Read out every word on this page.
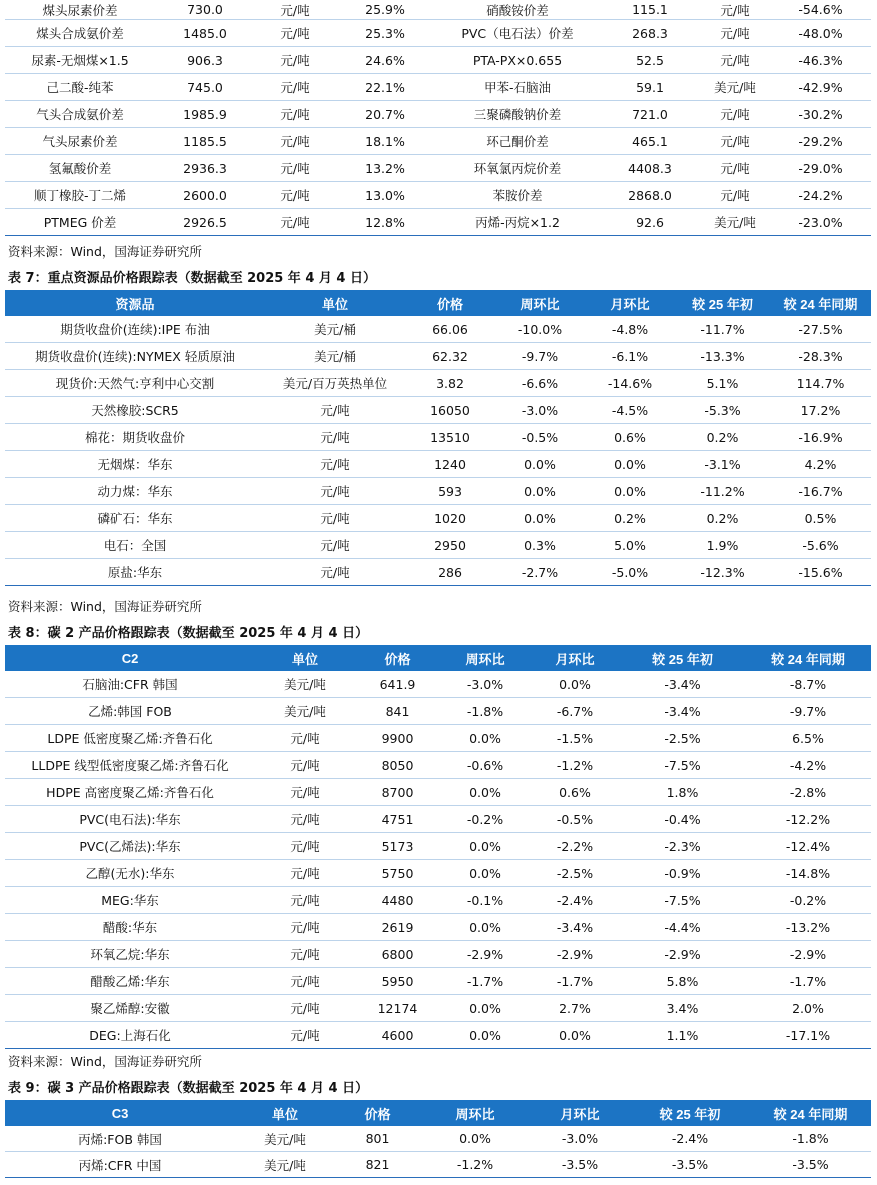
煤头尿素价差	730.0	元/吨	25.9%	硝酸铵价差	115.1	元/吨	-54.6%
煤头合成氨价差	1485.0	元/吨	25.3%	PVC（电石法）价差	268.3	元/吨	-48.0%
尿素-无烟煤×1.5	906.3	元/吨	24.6%	PTA-PX×0.655	52.5	元/吨	-46.3%
己二酸-纯苯	745.0	元/吨	22.1%	甲苯-石脑油	59.1	美元/吨	-42.9%
气头合成氨价差	1985.9	元/吨	20.7%	三聚磷酸钠价差	721.0	元/吨	-30.2%
气头尿素价差	1185.5	元/吨	18.1%	环己酮价差	465.1	元/吨	-29.2%
氢氟酸价差	2936.3	元/吨	13.2%	环氧氯丙烷价差	4408.3	元/吨	-29.0%
顺丁橡胶-丁二烯	2600.0	元/吨	13.0%	苯胺价差	2868.0	元/吨	-24.2%
PTMEG 价差	2926.5	元/吨	12.8%	丙烯-丙烷×1.2	92.6	美元/吨	-23.0%
资料来源：Wind，国海证券研究所
表 7：重点资源品价格跟踪表（数据截至 2025 年 4 月 4 日）
资源品	单位	价格	周环比	月环比	较 25 年初	较 24 年同期
期货收盘价(连续):IPE 布油	美元/桶	66.06	-10.0%	-4.8%	-11.7%	-27.5%
期货收盘价(连续):NYMEX 轻质原油	美元/桶	62.32	-9.7%	-6.1%	-13.3%	-28.3%
现货价:天然气:亨利中心交割	美元/百万英热单位	3.82	-6.6%	-14.6%	5.1%	114.7%
天然橡胶:SCR5	元/吨	16050	-3.0%	-4.5%	-5.3%	17.2%
棉花：期货收盘价	元/吨	13510	-0.5%	0.6%	0.2%	-16.9%
无烟煤：华东	元/吨	1240	0.0%	0.0%	-3.1%	4.2%
动力煤：华东	元/吨	593	0.0%	0.0%	-11.2%	-16.7%
磷矿石：华东	元/吨	1020	0.0%	0.2%	0.2%	0.5%
电石：全国	元/吨	2950	0.3%	5.0%	1.9%	-5.6%
原盐:华东	元/吨	286	-2.7%	-5.0%	-12.3%	-15.6%
资料来源：Wind，国海证券研究所
表 8：碳 2 产品价格跟踪表（数据截至 2025 年 4 月 4 日）
C2	单位	价格	周环比	月环比	较 25 年初	较 24 年同期
石脑油:CFR 韩国	美元/吨	641.9	-3.0%	0.0%	-3.4%	-8.7%
乙烯:韩国 FOB	美元/吨	841	-1.8%	-6.7%	-3.4%	-9.7%
LDPE 低密度聚乙烯:齐鲁石化	元/吨	9900	0.0%	-1.5%	-2.5%	6.5%
LLDPE 线型低密度聚乙烯:齐鲁石化	元/吨	8050	-0.6%	-1.2%	-7.5%	-4.2%
HDPE 高密度聚乙烯:齐鲁石化	元/吨	8700	0.0%	0.6%	1.8%	-2.8%
PVC(电石法):华东	元/吨	4751	-0.2%	-0.5%	-0.4%	-12.2%
PVC(乙烯法):华东	元/吨	5173	0.0%	-2.2%	-2.3%	-12.4%
乙醇(无水):华东	元/吨	5750	0.0%	-2.5%	-0.9%	-14.8%
MEG:华东	元/吨	4480	-0.1%	-2.4%	-7.5%	-0.2%
醋酸:华东	元/吨	2619	0.0%	-3.4%	-4.4%	-13.2%
环氧乙烷:华东	元/吨	6800	-2.9%	-2.9%	-2.9%	-2.9%
醋酸乙烯:华东	元/吨	5950	-1.7%	-1.7%	5.8%	-1.7%
聚乙烯醇:安徽	元/吨	12174	0.0%	2.7%	3.4%	2.0%
DEG:上海石化	元/吨	4600	0.0%	0.0%	1.1%	-17.1%
资料来源：Wind，国海证券研究所
表 9：碳 3 产品价格跟踪表（数据截至 2025 年 4 月 4 日）
C3	单位	价格	周环比	月环比	较 25 年初	较 24 年同期
丙烯:FOB 韩国	美元/吨	801	0.0%	-3.0%	-2.4%	-1.8%
丙烯:CFR 中国	美元/吨	821	-1.2%	-3.5%	-3.5%	-3.5%
